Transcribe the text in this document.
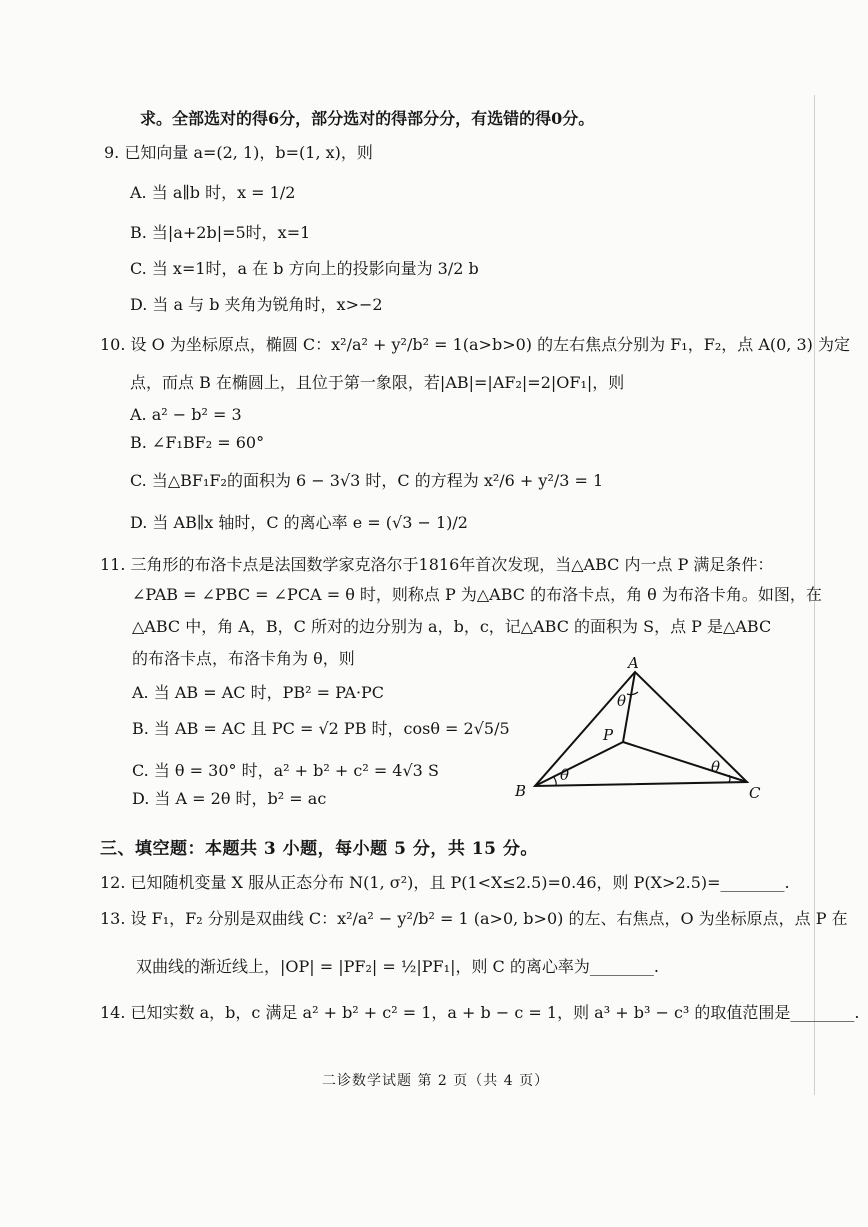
求。全部选对的得6分，部分选对的得部分分，有选错的得0分。
9. 已知向量 a=(2, 1)，b=(1, x)，则
A. 当 a∥b 时，x = 1/2
B. 当|a+2b|=5时，x=1
C. 当 x=1时，a 在 b 方向上的投影向量为 3/2 b
D. 当 a 与 b 夹角为锐角时，x>−2
10. 设 O 为坐标原点，椭圆 C：x²/a² + y²/b² = 1(a>b>0) 的左右焦点分别为 F₁，F₂，点 A(0, 3) 为定
点，而点 B 在椭圆上，且位于第一象限，若|AB|=|AF₂|=2|OF₁|，则
A. a² − b² = 3
B. ∠F₁BF₂ = 60°
C. 当△BF₁F₂的面积为 6 − 3√3 时，C 的方程为 x²/6 + y²/3 = 1
D. 当 AB∥x 轴时，C 的离心率 e = (√3 − 1)/2
11. 三角形的布洛卡点是法国数学家克洛尔于1816年首次发现，当△ABC 内一点 P 满足条件：
∠PAB = ∠PBC = ∠PCA = θ 时，则称点 P 为△ABC 的布洛卡点，角 θ 为布洛卡角。如图，在
△ABC 中，角 A，B，C 所对的边分别为 a，b，c，记△ABC 的面积为 S，点 P 是△ABC
的布洛卡点，布洛卡角为 θ，则
A. 当 AB = AC 时，PB² = PA·PC
B. 当 AB = AC 且 PC = √2 PB 时，cosθ = 2√5/5
C. 当 θ = 30° 时，a² + b² + c² = 4√3 S
D. 当 A = 2θ 时，b² = ac
A
B	C
P
θ
θ	θ
三、填空题：本题共 3 小题，每小题 5 分，共 15 分。
12. 已知随机变量 X 服从正态分布 N(1, σ²)，且 P(1<X≤2.5)=0.46，则 P(X>2.5)=________.
13. 设 F₁，F₂ 分别是双曲线 C：x²/a² − y²/b² = 1 (a>0, b>0) 的左、右焦点，O 为坐标原点，点 P 在
双曲线的渐近线上，|OP| = |PF₂| = ½|PF₁|，则 C 的离心率为________.
14. 已知实数 a，b，c 满足 a² + b² + c² = 1，a + b − c = 1，则 a³ + b³ − c³ 的取值范围是________.
二诊数学试题 第 2 页（共 4 页）
